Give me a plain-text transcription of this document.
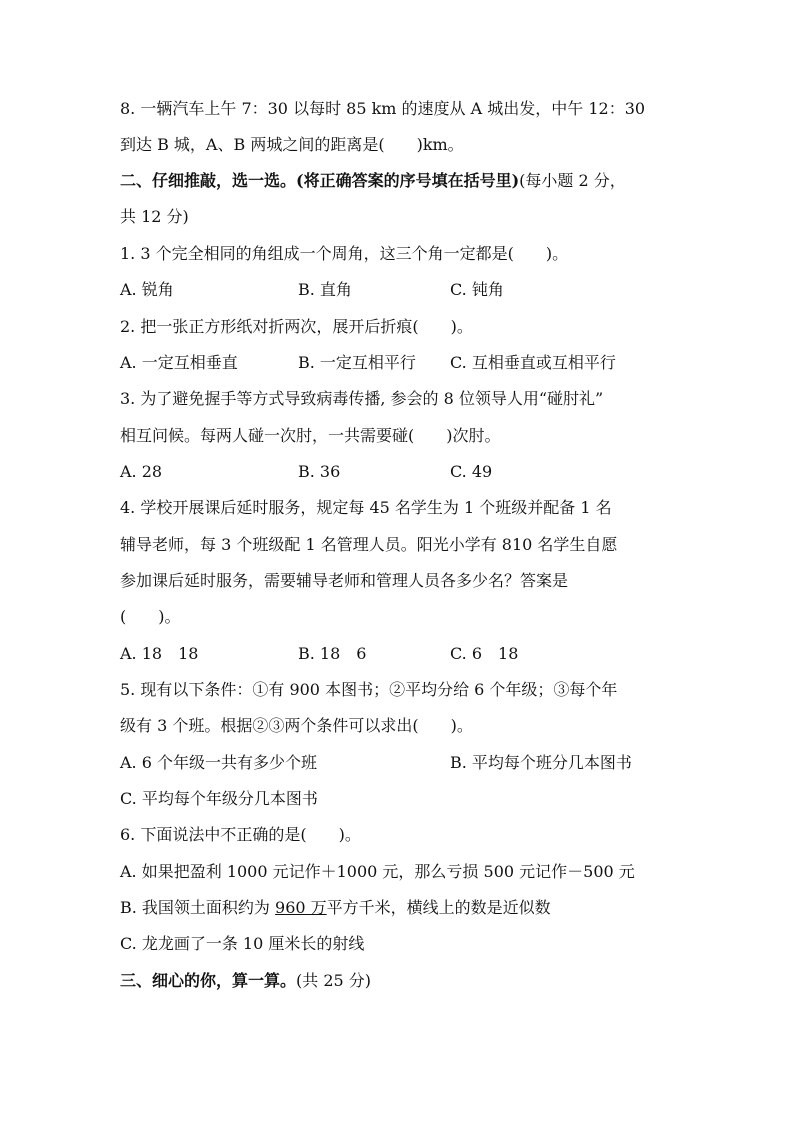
8. 一辆汽车上午 7：30 以每时 85 km 的速度从 A 城出发，中午 12：30
到达 B 城，A、B 两城之间的距离是(　　)km。
二、仔细推敲，选一选。(将正确答案的序号填在括号里)(每小题 2 分，
共 12 分)
1. 3 个完全相同的角组成一个周角，这三个角一定都是(　　)。
A. 锐角	B. 直角	C. 钝角
2. 把一张正方形纸对折两次，展开后折痕(　　)。
A. 一定互相垂直	B. 一定互相平行 C. 互相垂直或互相平行
3. 为了避免握手等方式导致病毒传播, 参会的 8 位领导人用“碰肘礼”
相互问候。每两人碰一次肘，一共需要碰(　　)次肘。
A. 28	B. 36	C. 49
4. 学校开展课后延时服务，规定每 45 名学生为 1 个班级并配备 1 名
辅导老师，每 3 个班级配 1 名管理人员。阳光小学有 810 名学生自愿
参加课后延时服务，需要辅导老师和管理人员各多少名？答案是
(　　)。
A. 18　18	B. 18　6	C. 6　18
5. 现有以下条件：①有 900 本图书；②平均分给 6 个年级；③每个年
级有 3 个班。根据②③两个条件可以求出(　　)。
A. 6 个年级一共有多少个班	B. 平均每个班分几本图书
C. 平均每个年级分几本图书
6. 下面说法中不正确的是(　　)。
A. 如果把盈利 1000 元记作＋1000 元，那么亏损 500 元记作－500 元
B. 我国领土面积约为 960 万平方千米，横线上的数是近似数
C. 龙龙画了一条 10 厘米长的射线
三、细心的你，算一算。(共 25 分)
